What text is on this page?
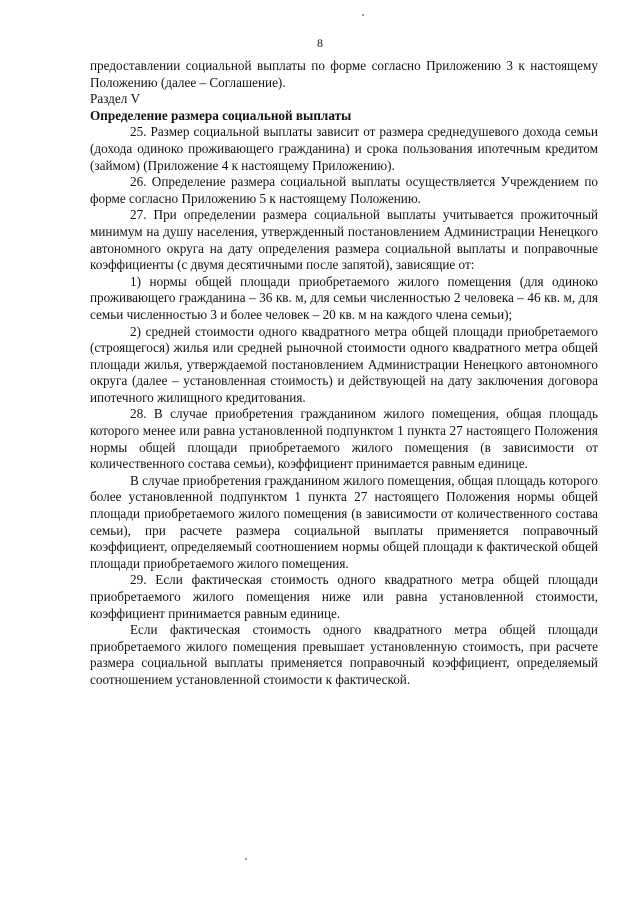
8

предоставлении социальной выплаты по форме согласно Приложению 3 к настоящему Положению (далее – Соглашение).

Раздел V

Определение размера социальной выплаты

25. Размер социальной выплаты зависит от размера среднедушевого дохода семьи (дохода одиноко проживающего гражданина) и срока пользования ипотечным кредитом (займом) (Приложение 4 к настоящему Приложению).

26. Определение размера социальной выплаты осуществляется Учреждением по форме согласно Приложению 5 к настоящему Положению.

27. При определении размера социальной выплаты учитывается прожиточный минимум на душу населения, утвержденный постановлением Администрации Ненецкого автономного округа на дату определения размера социальной выплаты и поправочные коэффициенты (с двумя десятичными после запятой), зависящие от:

1) нормы общей площади приобретаемого жилого помещения (для одиноко проживающего гражданина – 36 кв. м, для семьи численностью 2 человека – 46 кв. м, для семьи численностью 3 и более человек – 20 кв. м на каждого члена семьи);

2) средней стоимости одного квадратного метра общей площади приобретаемого (строящегося) жилья или средней рыночной стоимости одного квадратного метра общей площади жилья, утверждаемой постановлением Администрации Ненецкого автономного округа (далее – установленная стоимость) и действующей на дату заключения договора ипотечного жилищного кредитования.

28. В случае приобретения гражданином жилого помещения, общая площадь которого менее или равна установленной подпунктом 1 пункта 27 настоящего Положения нормы общей площади приобретаемого жилого помещения (в зависимости от количественного состава семьи), коэффициент принимается равным единице.

В случае приобретения гражданином жилого помещения, общая площадь которого более установленной подпунктом 1 пункта 27 настоящего Положения нормы общей площади приобретаемого жилого помещения (в зависимости от количественного состава семьи), при расчете размера социальной выплаты применяется поправочный коэффициент, определяемый соотношением нормы общей площади к фактической общей площади приобретаемого жилого помещения.

29. Если фактическая стоимость одного квадратного метра общей площади приобретаемого жилого помещения ниже или равна установленной стоимости, коэффициент принимается равным единице.

Если фактическая стоимость одного квадратного метра общей площади приобретаемого жилого помещения превышает установленную стоимость, при расчете размера социальной выплаты применяется поправочный коэффициент, определяемый соотношением установленной стоимости к фактической.
